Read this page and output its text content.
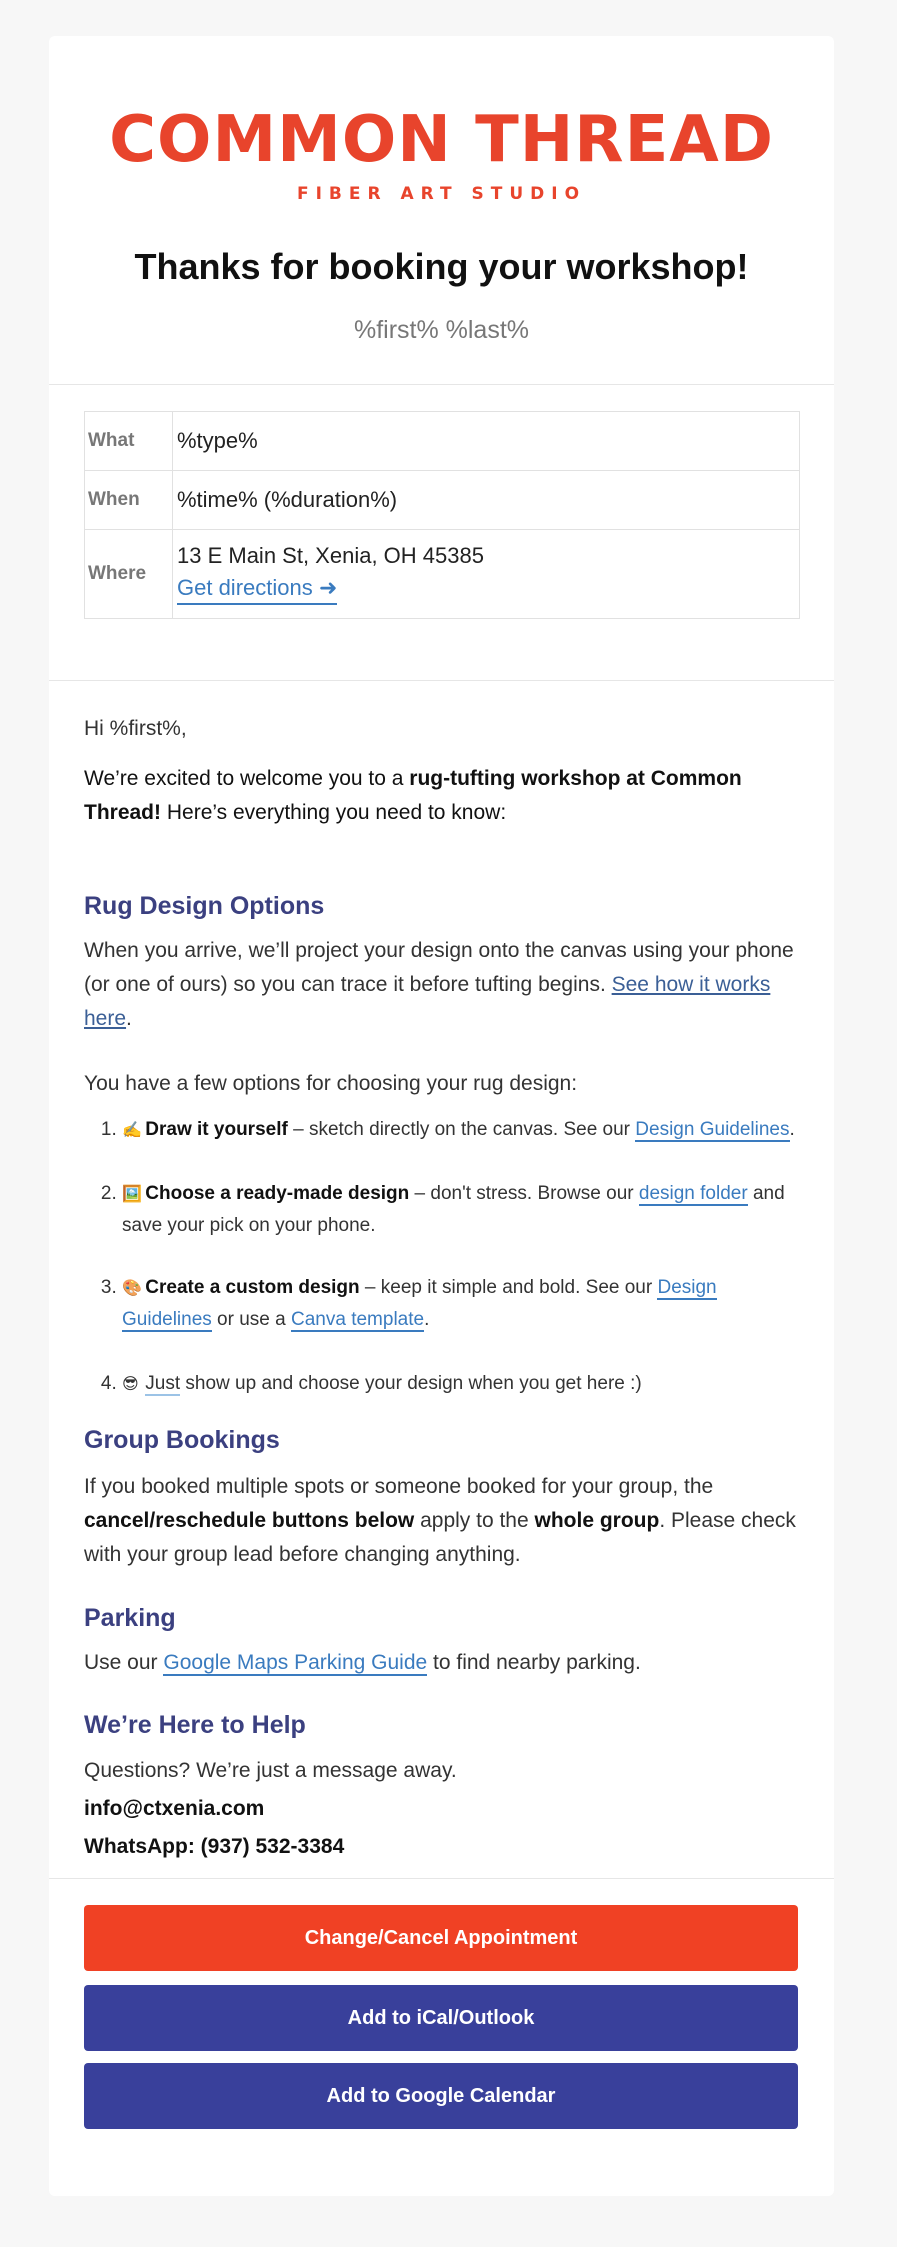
COMMON THREAD
FIBER ART STUDIO
Thanks for booking your workshop!
%first% %last%
What	%type%
When	%time% (%duration%)
Where
13 E Main St, Xenia, OH 45385
Get directions ➜

Hi %first%,

We’re excited to welcome you to a rug-tufting workshop at Common Thread! Here’s everything you need to know:

Rug Design Options

When you arrive, we’ll project your design onto the canvas using your phone (or one of ours) so you can trace it before tufting begins. See how it works here.

You have a few options for choosing your rug design:

1. ✍️ Draw it yourself – sketch directly on the canvas. See our Design Guidelines.
2. 🖼️ Choose a ready-made design – don't stress. Browse our design folder and save your pick on your phone.
3. 🎨 Create a custom design – keep it simple and bold. See our Design Guidelines or use a Canva template.
4. 😎 Just show up and choose your design when you get here :)
Group Bookings

If you booked multiple spots or someone booked for your group, the cancel/reschedule buttons below apply to the whole group. Please check with your group lead before changing anything.

Parking

Use our Google Maps Parking Guide to find nearby parking.

We’re Here to Help

Questions? We’re just a message away.

info@ctxenia.com

WhatsApp: (937) 532-3384

Change/Cancel Appointment
Add to iCal/Outlook
Add to Google Calendar
